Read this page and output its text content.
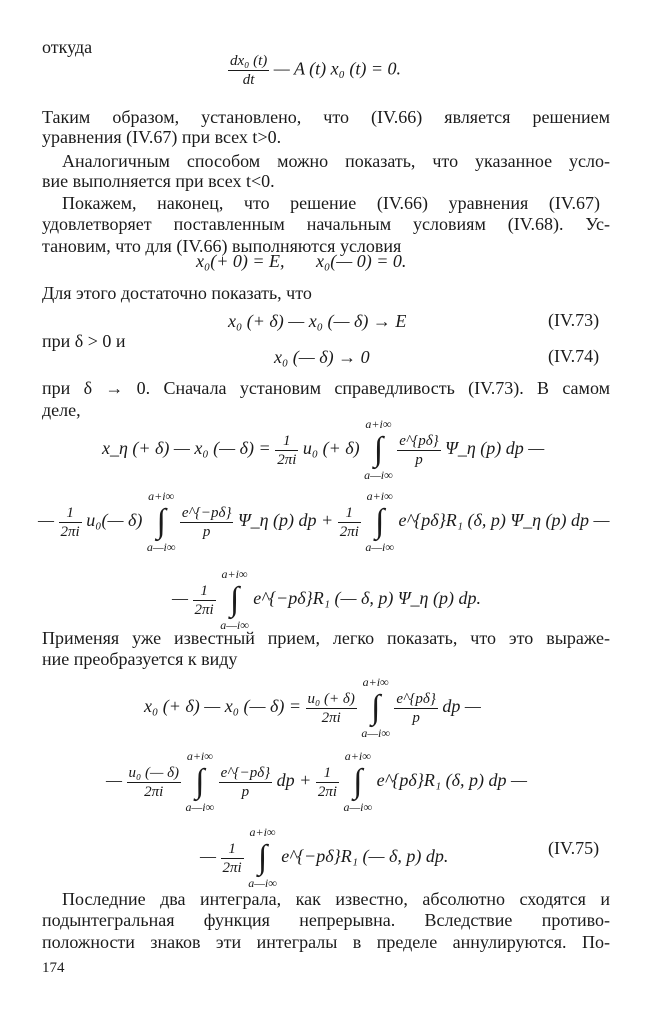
откуда
$\frac{\text{dx₀ (t)}}{dt}$ — A (t) x₀ (t) = 0.
Таким образом, установлено, что (IV.66) является решением
уравнения (IV.67) при всех t>0.
Аналогичным способом можно показать, что указанное усло-
вие выполняется при всех t<0.
Покажем, наконец, что решение (IV.66) уравнения (IV.67)
удовлетворяет поставленным начальным условиям (IV.68). Ус-
тановим, что для (IV.66) выполняются условия
x₀(+ 0) = E,       x₀(— 0) = 0.
Для этого достаточно показать, что
x₀ (+ δ) — x₀ (— δ) → E	(IV.73)
при δ > 0 и
x₀ (— δ) → 0	(IV.74)
при δ → 0. Сначала установим справедливость (IV.73). В самом
деле,
x_η (+ δ) — x₀ (— $\delta) = \frac{1}{2\pi i} u_0$ (+ δ) a+i∞
∫
a—i∞
$\frac{e\^{}\{p\delta\}}{p}$ Ψ_η (p) dp —
— $\frac{1}{2\pi i}$ u₀(— δ) a+i∞
∫
a—i∞
$\frac{e\^{}\{-p\delta\}}{p}$ Ψ_η (p) dp + $\frac{1}{2\pi i}$
a+i∞
∫
a—i∞ e^{pδ}R₁ (δ, p) Ψ_η (p) dp —
— $\frac{1}{2\pi i}$
a+i∞
∫
a—i∞ e^{−pδ}R₁ (— δ, p) Ψ_η (p) dp.
Применяя уже известный прием, легко показать, что это выраже-
ние преобразуется к виду
x₀ (+ δ) — x₀ (— $\delta) = \frac{\text{u₀ (+ δ)}}{2\pi i}$
a+i∞
∫
a—i∞
$\frac{e\^{}\{p\delta\}}{p}$ dp —
— $\frac{\text{u₀ (— δ)}}{2\pi i}$
a+i∞
∫
a—i∞
$\frac{e\^{}\{-p\delta\}}{p}$ dp + $\frac{1}{2\pi i}$
a+i∞
∫
a—i∞ e^{pδ}R₁ (δ, p) dp —
— $\frac{1}{2\pi i}$
a+i∞
∫
a—i∞ e^{−pδ}R₁ (— δ, p) dp.	(IV.75)
Последние два интеграла, как известно, абсолютно сходятся и
подынтегральная функция непрерывна. Вследствие противо-
положности знаков эти интегралы в пределе аннулируются. По-
174
